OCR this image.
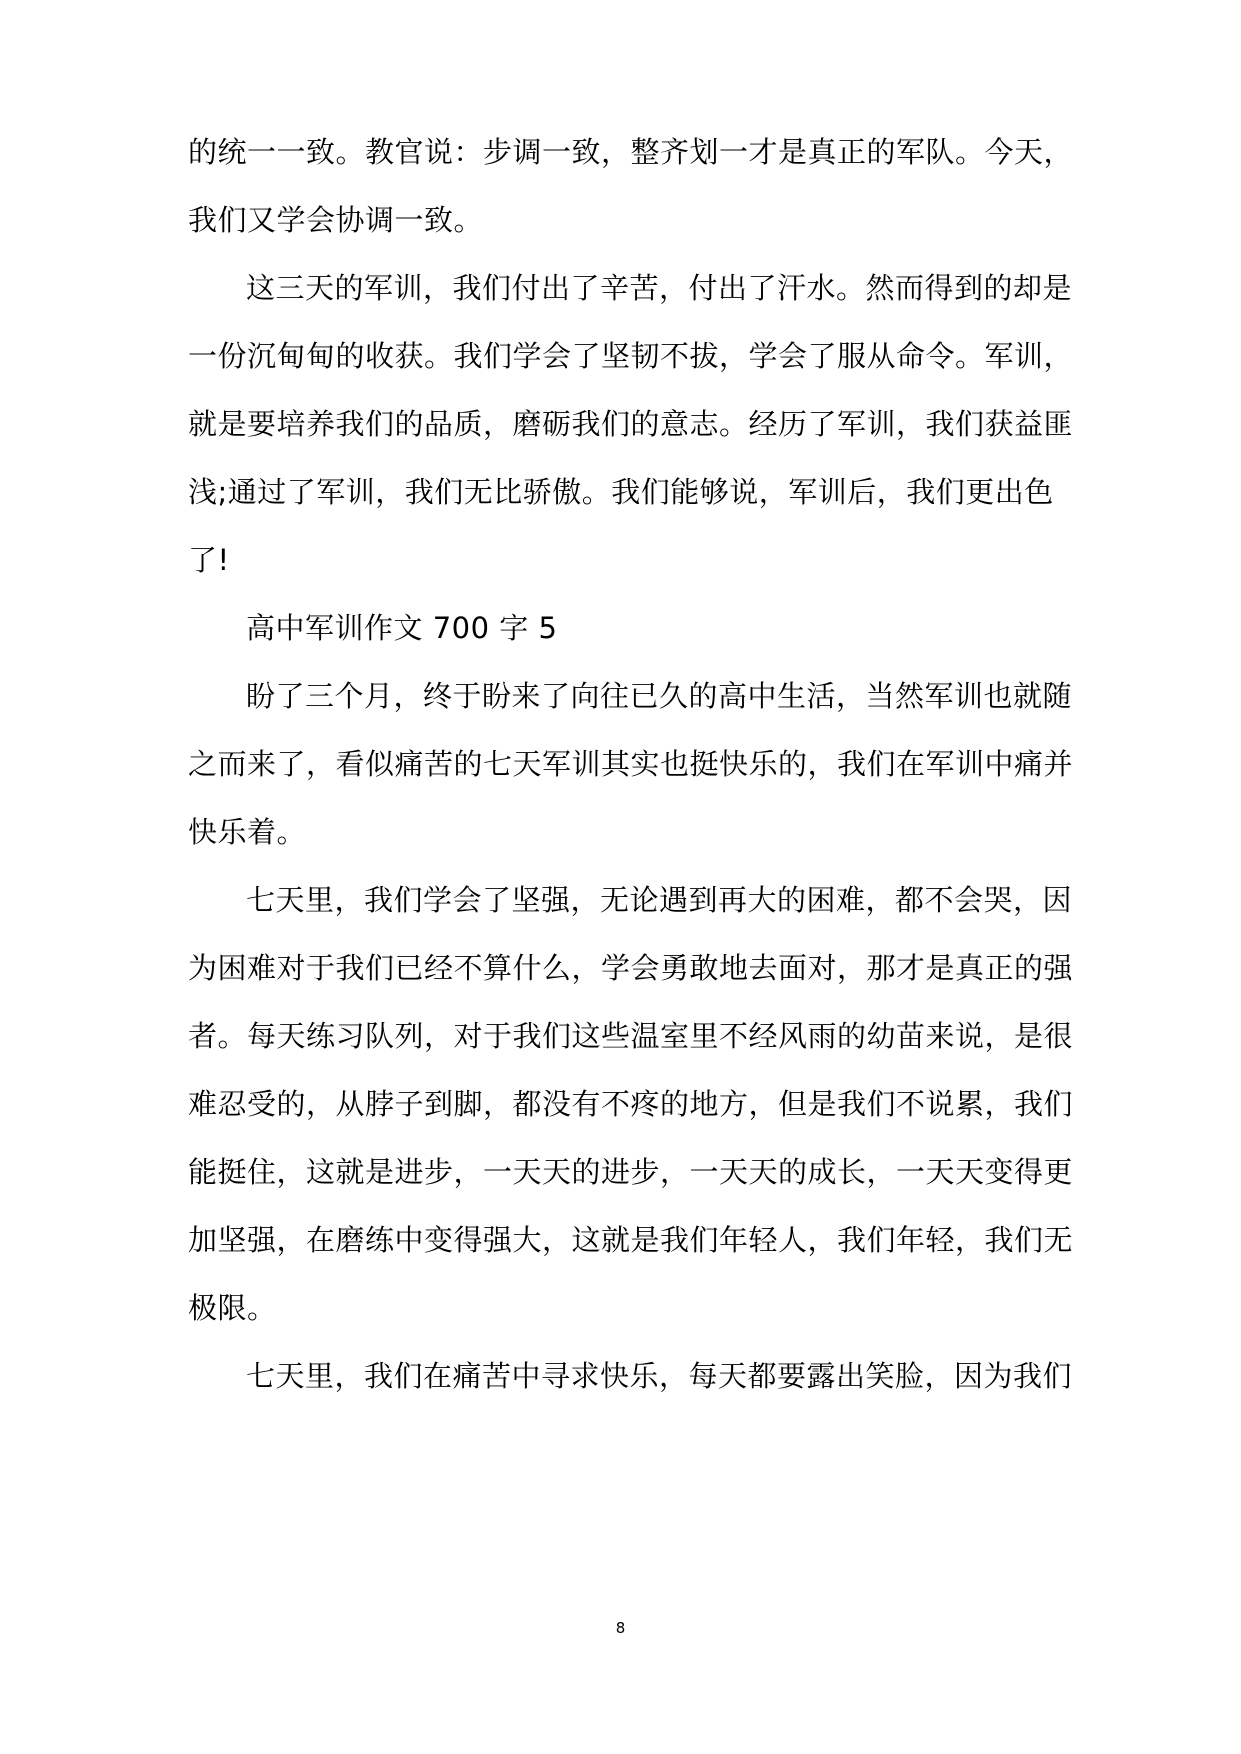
的统一一致。教官说：步调一致，整齐划一才是真正的军队。今天，
我们又学会协调一致。
这三天的军训，我们付出了辛苦，付出了汗水。然而得到的却是
一份沉甸甸的收获。我们学会了坚韧不拔，学会了服从命令。军训，
就是要培养我们的品质，磨砺我们的意志。经历了军训，我们获益匪
浅;通过了军训，我们无比骄傲。我们能够说，军训后，我们更出色
了!
高中军训作文 700 字 5
盼了三个月，终于盼来了向往已久的高中生活，当然军训也就随
之而来了，看似痛苦的七天军训其实也挺快乐的，我们在军训中痛并
快乐着。
七天里，我们学会了坚强，无论遇到再大的困难，都不会哭，因
为困难对于我们已经不算什么，学会勇敢地去面对，那才是真正的强
者。每天练习队列，对于我们这些温室里不经风雨的幼苗来说，是很
难忍受的，从脖子到脚，都没有不疼的地方，但是我们不说累，我们
能挺住，这就是进步，一天天的进步，一天天的成长，一天天变得更
加坚强，在磨练中变得强大，这就是我们年轻人，我们年轻，我们无
极限。
七天里，我们在痛苦中寻求快乐，每天都要露出笑脸，因为我们
8
